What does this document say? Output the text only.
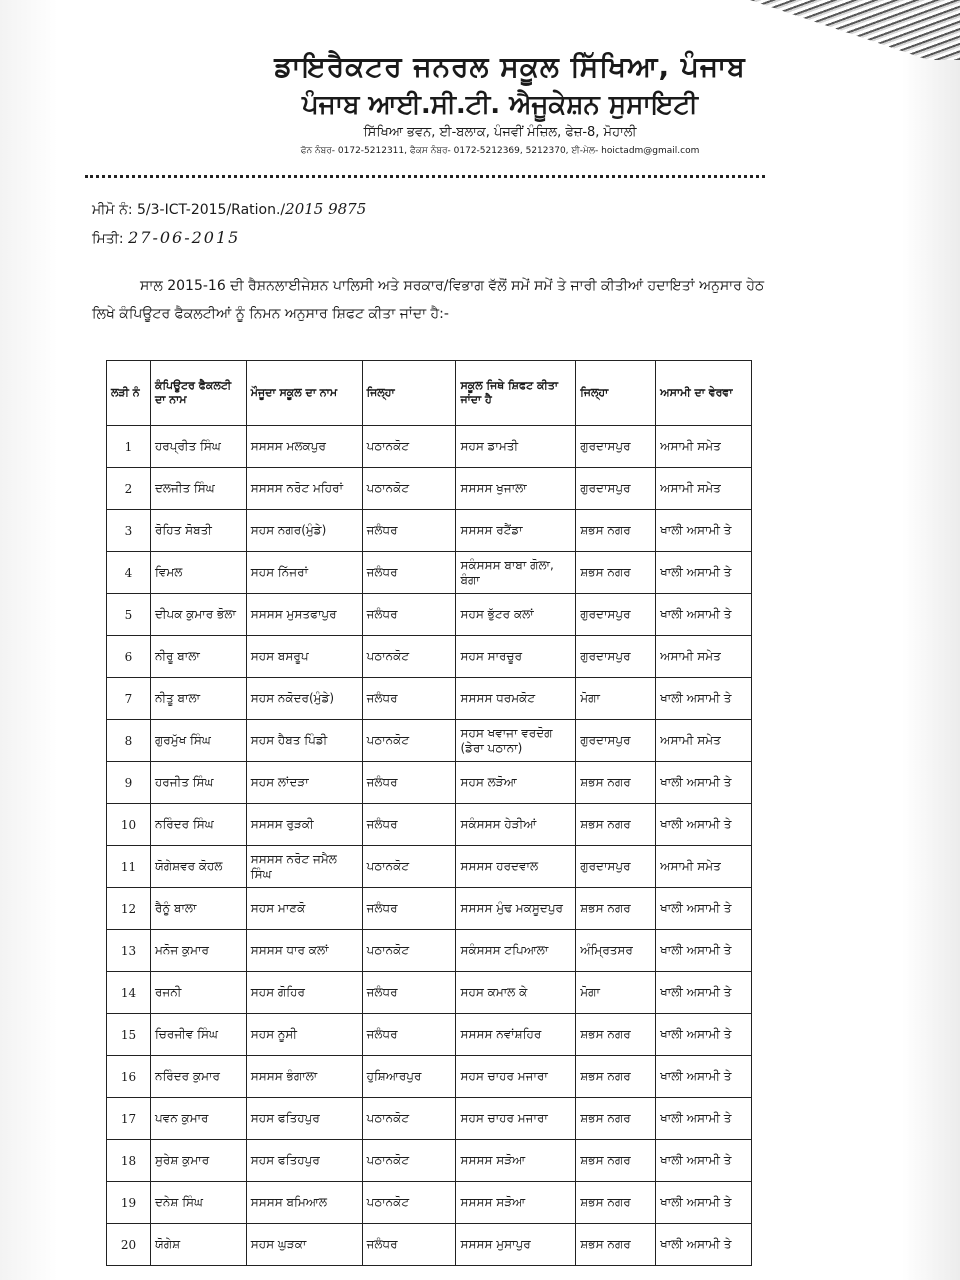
ਡਾਇਰੈਕਟਰ ਜਨਰਲ ਸਕੂਲ ਸਿੱਖਿਆ, ਪੰਜਾਬ
ਪੰਜਾਬ ਆਈ.ਸੀ.ਟੀ. ਐਜੂਕੇਸ਼ਨ ਸੁਸਾਇਟੀ
ਸਿੱਖਿਆ ਭਵਨ, ਈ-ਬਲਾਕ, ਪੰਜਵੀਂ ਮੰਜ਼ਿਲ, ਫੇਜ਼-8, ਮੋਹਾਲੀ
ਫੋਨ ਨੰਬਰ- 0172-5212311, ਫੈਕਸ ਨੰਬਰ- 0172-5212369, 5212370, ਈ-ਮੇਲ- hoictadm@gmail.com
ਮੀਮੋ ਨੰ: 5/3-ICT-2015/Ration./2015 9875
ਮਿਤੀ: 27-06-2015
ਸਾਲ 2015-16 ਦੀ ਰੈਸ਼ਨਲਾਈਜੇਸ਼ਨ ਪਾਲਿਸੀ ਅਤੇ ਸਰਕਾਰ/ਵਿਭਾਗ ਵੱਲੋਂ ਸਮੇਂ ਸਮੇਂ ਤੇ ਜਾਰੀ ਕੀਤੀਆਂ ਹਦਾਇਤਾਂ ਅਨੁਸਾਰ ਹੇਠ ਲਿਖੇ ਕੰਪਿਊਟਰ ਫੈਕਲਟੀਆਂ ਨੂੰ ਨਿਮਨ ਅਨੁਸਾਰ ਸ਼ਿਫਟ ਕੀਤਾ ਜਾਂਦਾ ਹੈ:-
ਲੜੀ ਨੰ	ਕੰਪਿਊਟਰ ਫੈਕਲਟੀ ਦਾ ਨਾਮ	ਮੌਜੂਦਾ ਸਕੂਲ ਦਾ ਨਾਮ	ਜਿਲ੍ਹਾ	ਸਕੂਲ ਜਿਥੇ ਸ਼ਿਫਟ ਕੀਤਾ ਜਾਂਦਾ ਹੈ	ਜਿਲ੍ਹਾ	ਅਸਾਮੀ ਦਾ ਵੇਰਵਾ
1	ਹਰਪ੍ਰੀਤ ਸਿੰਘ	ਸਸਸਸ ਮਲਕਪੁਰ	ਪਠਾਨਕੋਟ	ਸਹਸ ਡਾਮਤੀ	ਗੁਰਦਾਸਪੁਰ	ਅਸਾਮੀ ਸਮੇਤ
2	ਦਲਜੀਤ ਸਿੰਘ	ਸਸਸਸ ਨਰੋਟ ਮਹਿਰਾਂ	ਪਠਾਨਕੋਟ	ਸਸਸਸ ਖੁਜਾਲਾ	ਗੁਰਦਾਸਪੁਰ	ਅਸਾਮੀ ਸਮੇਤ
3	ਰੋਹਿਤ ਸੋਬਤੀ	ਸਹਸ ਨਗਰ(ਮੁੰਡੇ)	ਜਲੰਧਰ	ਸਸਸਸ ਰਟੈਂਡਾ	ਸ਼ਭਸ ਨਗਰ	ਖਾਲੀ ਅਸਾਮੀ ਤੇ
4	ਵਿਮਲ	ਸਹਸ ਨਿੱਜਰਾਂ	ਜਲੰਧਰ	ਸਕੰਸਸਸ ਬਾਬਾ ਗੋਲਾ, ਬੰਗਾ	ਸ਼ਭਸ ਨਗਰ	ਖਾਲੀ ਅਸਾਮੀ ਤੇ
5	ਦੀਪਕ ਕੁਮਾਰ ਭੋਲਾ	ਸਸਸਸ ਮੁਸਤਫਾਪੁਰ	ਜਲੰਧਰ	ਸਹਸ ਭੁੱਟਰ ਕਲਾਂ	ਗੁਰਦਾਸਪੁਰ	ਖਾਲੀ ਅਸਾਮੀ ਤੇ
6	ਨੀਰੂ ਬਾਲਾ	ਸਹਸ ਬਸਰੂਪ	ਪਠਾਨਕੋਟ	ਸਹਸ ਸਾਰਚੂਰ	ਗੁਰਦਾਸਪੁਰ	ਅਸਾਮੀ ਸਮੇਤ
7	ਨੀਤੂ ਬਾਲਾ	ਸਹਸ ਨਕੋਦਰ(ਮੁੰਡੇ)	ਜਲੰਧਰ	ਸਸਸਸ ਧਰਮਕੋਟ	ਮੋਗਾ	ਖਾਲੀ ਅਸਾਮੀ ਤੇ
8	ਗੁਰਮੁੱਖ ਸਿੰਘ	ਸਹਸ ਹੈਬਤ ਪਿੰਡੀ	ਪਠਾਨਕੋਟ	ਸਹਸ ਖਵਾਜਾ ਵਰਦੋਗ (ਡੇਰਾ ਪਠਾਨਾ)	ਗੁਰਦਾਸਪੁਰ	ਅਸਾਮੀ ਸਮੇਤ
9	ਹਰਜੀਤ ਸਿੰਘ	ਸਹਸ ਲਾਂਦੜਾ	ਜਲੰਧਰ	ਸਹਸ ਲੜੋਆ	ਸ਼ਭਸ ਨਗਰ	ਖਾਲੀ ਅਸਾਮੀ ਤੇ
10	ਨਰਿੰਦਰ ਸਿੰਘ	ਸਸਸਸ ਰੁੜਕੀ	ਜਲੰਧਰ	ਸਕੰਸਸਸ ਹੇੜੀਆਂ	ਸ਼ਭਸ ਨਗਰ	ਖਾਲੀ ਅਸਾਮੀ ਤੇ
11	ਯੋਗੇਸ਼ਵਰ ਕੋਹਲ	ਸਸਸਸ ਨਰੋਟ ਜਮੈਲ ਸਿੰਘ	ਪਠਾਨਕੋਟ	ਸਸਸਸ ਹਰਦਵਾਲ	ਗੁਰਦਾਸਪੁਰ	ਅਸਾਮੀ ਸਮੇਤ
12	ਰੈਨੂੰ ਬਾਲਾ	ਸਹਸ ਮਾਣਕੋ	ਜਲੰਧਰ	ਸਸਸਸ ਮੁੰਢ ਮਕਸੂਦਪੁਰ	ਸ਼ਭਸ ਨਗਰ	ਖਾਲੀ ਅਸਾਮੀ ਤੇ
13	ਮਨੋਜ ਕੁਮਾਰ	ਸਸਸਸ ਧਾਰ ਕਲਾਂ	ਪਠਾਨਕੋਟ	ਸਕੰਸਸਸ ਟਪਿਆਲਾ	ਅੰਮ੍ਰਿਤਸਰ	ਖਾਲੀ ਅਸਾਮੀ ਤੇ
14	ਰਜਨੀ	ਸਹਸ ਗੋਹਿਰ	ਜਲੰਧਰ	ਸਹਸ ਕਮਾਲ ਕੇ	ਮੋਗਾ	ਖਾਲੀ ਅਸਾਮੀ ਤੇ
15	ਚਿਰਜੀਵ ਸਿੰਘ	ਸਹਸ ਨੂਸੀ	ਜਲੰਧਰ	ਸਸਸਸ ਨਵਾਂਸ਼ਹਿਰ	ਸ਼ਭਸ ਨਗਰ	ਖਾਲੀ ਅਸਾਮੀ ਤੇ
16	ਨਰਿੰਦਰ ਕੁਮਾਰ	ਸਸਸਸ ਭੰਗਾਲਾ	ਹੁਸ਼ਿਆਰਪੁਰ	ਸਹਸ ਚਾਹਰ ਮਜਾਰਾ	ਸ਼ਭਸ ਨਗਰ	ਖਾਲੀ ਅਸਾਮੀ ਤੇ
17	ਪਵਨ ਕੁਮਾਰ	ਸਹਸ ਫਤਿਹਪੁਰ	ਪਠਾਨਕੋਟ	ਸਹਸ ਚਾਹਰ ਮਜਾਰਾ	ਸ਼ਭਸ ਨਗਰ	ਖਾਲੀ ਅਸਾਮੀ ਤੇ
18	ਸੁਰੇਸ਼ ਕੁਮਾਰ	ਸਹਸ ਫਤਿਹਪੁਰ	ਪਠਾਨਕੋਟ	ਸਸਸਸ ਸੜੋਆ	ਸ਼ਭਸ ਨਗਰ	ਖਾਲੀ ਅਸਾਮੀ ਤੇ
19	ਦਨੇਸ਼ ਸਿੰਘ	ਸਸਸਸ ਬਮਿਆਲ	ਪਠਾਨਕੋਟ	ਸਸਸਸ ਸੜੋਆ	ਸ਼ਭਸ ਨਗਰ	ਖਾਲੀ ਅਸਾਮੀ ਤੇ
20	ਯੋਗੇਸ਼	ਸਹਸ ਘੁੜਕਾ	ਜਲੰਧਰ	ਸਸਸਸ ਮੁਸਾਪੁਰ	ਸ਼ਭਸ ਨਗਰ	ਖਾਲੀ ਅਸਾਮੀ ਤੇ
